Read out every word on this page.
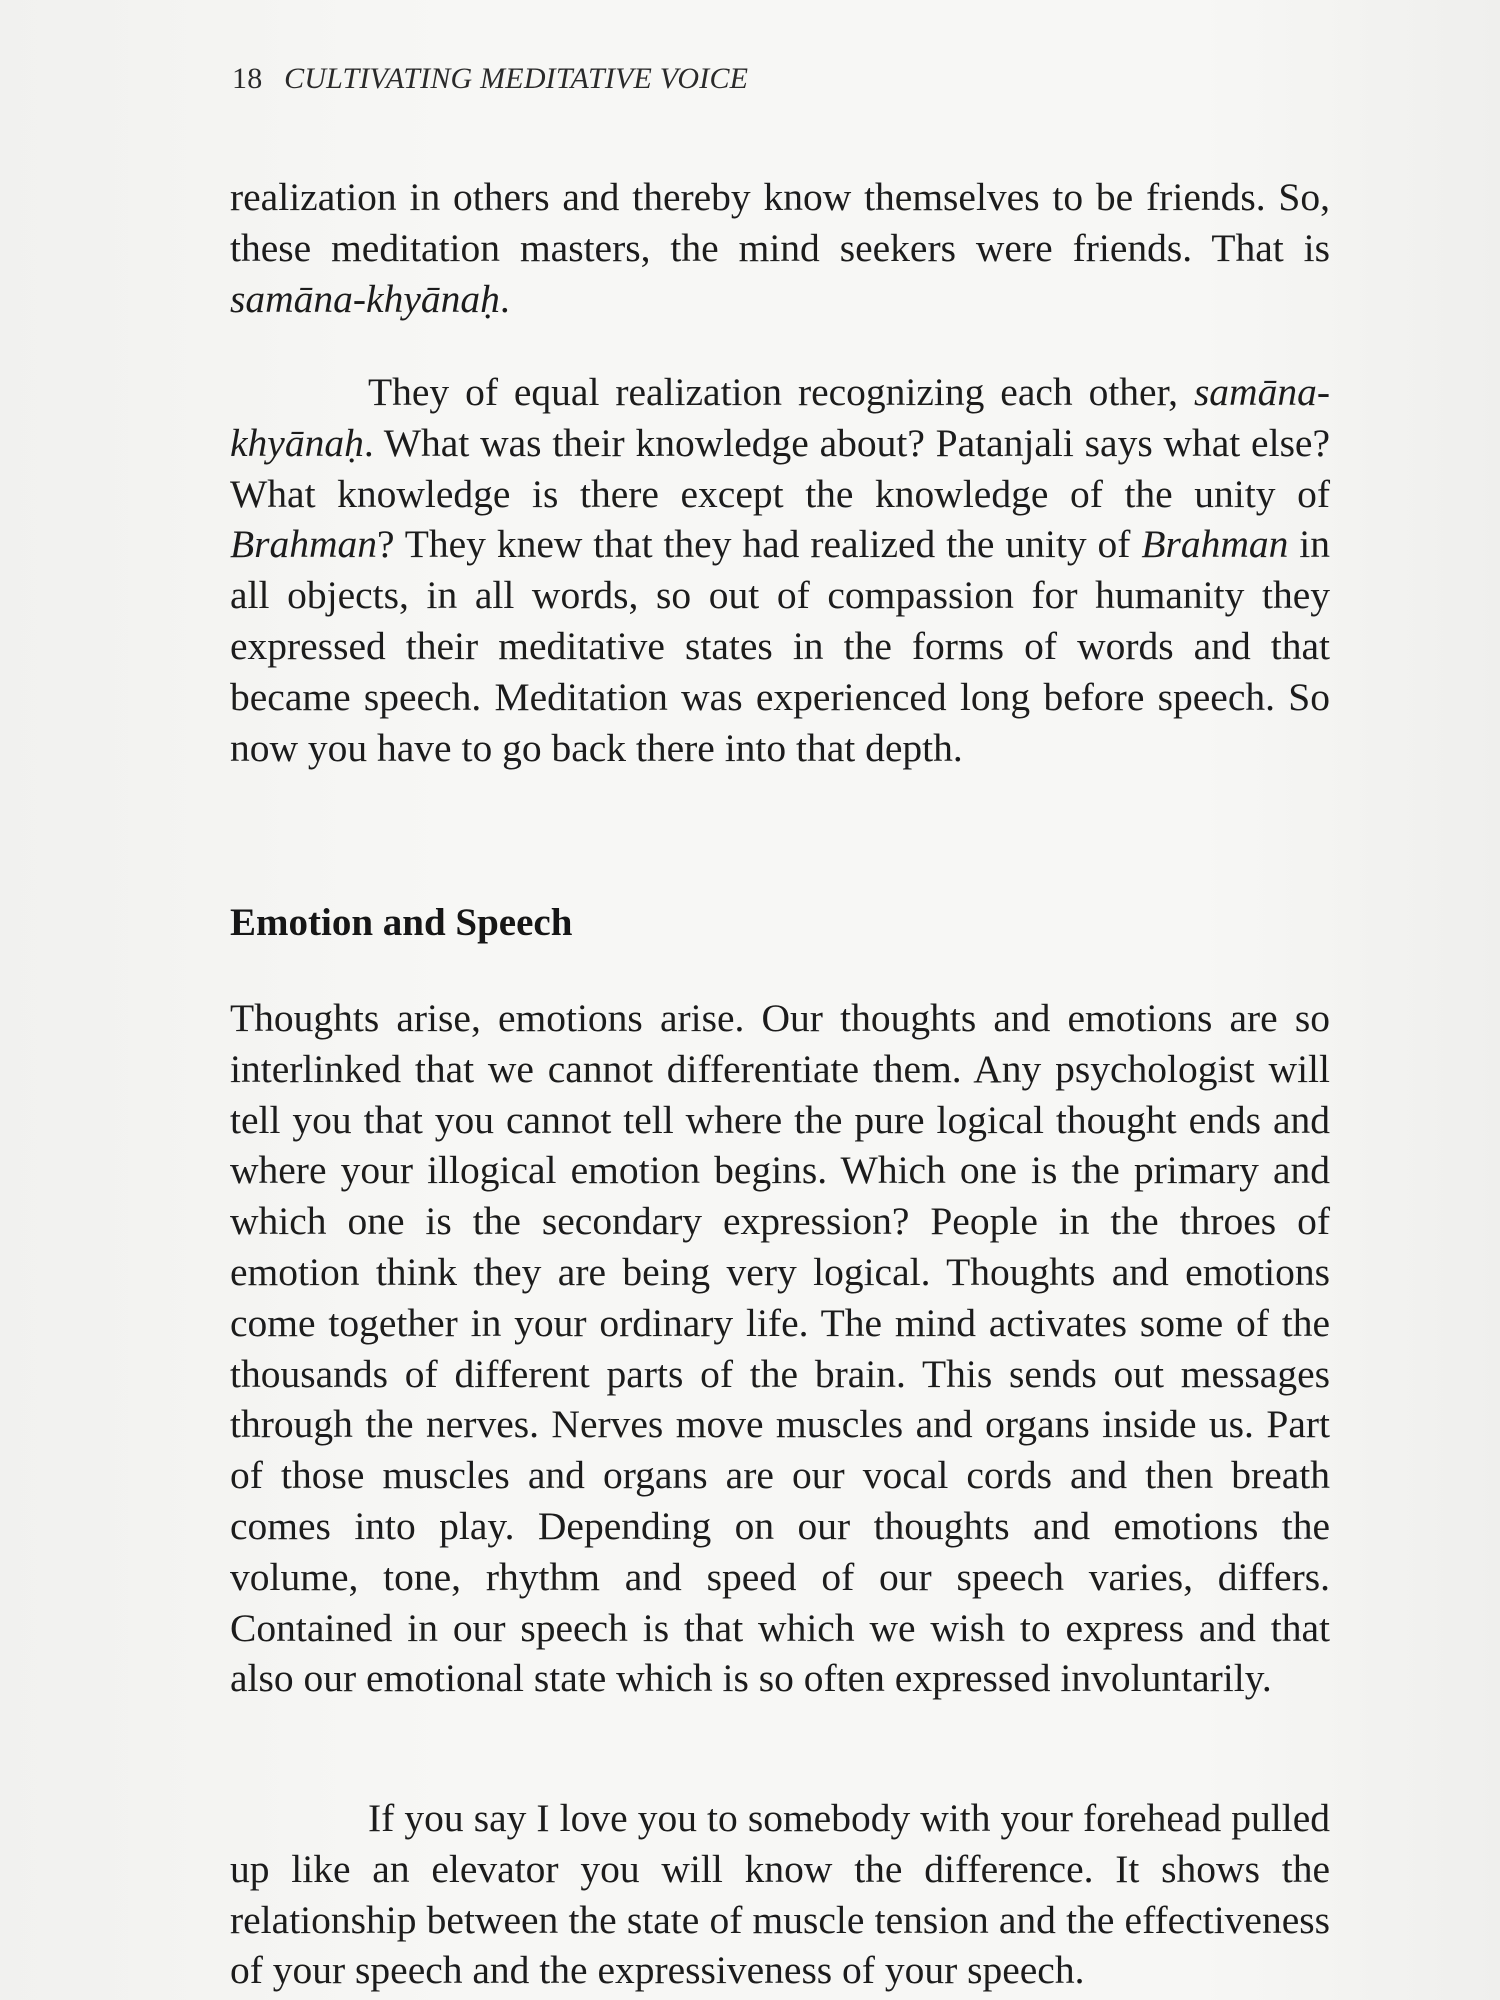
18 CULTIVATING MEDITATIVE VOICE

realization in others and thereby know themselves to be friends. So, these meditation masters, the mind seekers were friends. That is samāna-khyānaḥ.

They of equal realization recognizing each other, samāna-khyānaḥ. What was their knowledge about? Patanjali says what else? What knowledge is there except the knowledge of the unity of Brahman? They knew that they had realized the unity of Brahman in all objects, in all words, so out of compassion for humanity they expressed their meditative states in the forms of words and that became speech. Meditation was experienced long before speech. So now you have to go back there into that depth.

Emotion and Speech

Thoughts arise, emotions arise. Our thoughts and emotions are so interlinked that we cannot differentiate them. Any psychologist will tell you that you cannot tell where the pure logical thought ends and where your illogical emotion begins. Which one is the primary and which one is the secondary expression? People in the throes of emotion think they are being very logical. Thoughts and emotions come together in your ordinary life. The mind activates some of the thousands of different parts of the brain. This sends out messages through the nerves. Nerves move muscles and organs inside us. Part of those muscles and organs are our vocal cords and then breath comes into play. Depending on our thoughts and emotions the volume, tone, rhythm and speed of our speech varies, differs. Contained in our speech is that which we wish to express and that also our emotional state which is so often expressed involuntarily.

If you say I love you to somebody with your forehead pulled up like an elevator you will know the difference. It shows the relationship between the state of muscle tension and the effectiveness of your speech and the expressiveness of your speech.
